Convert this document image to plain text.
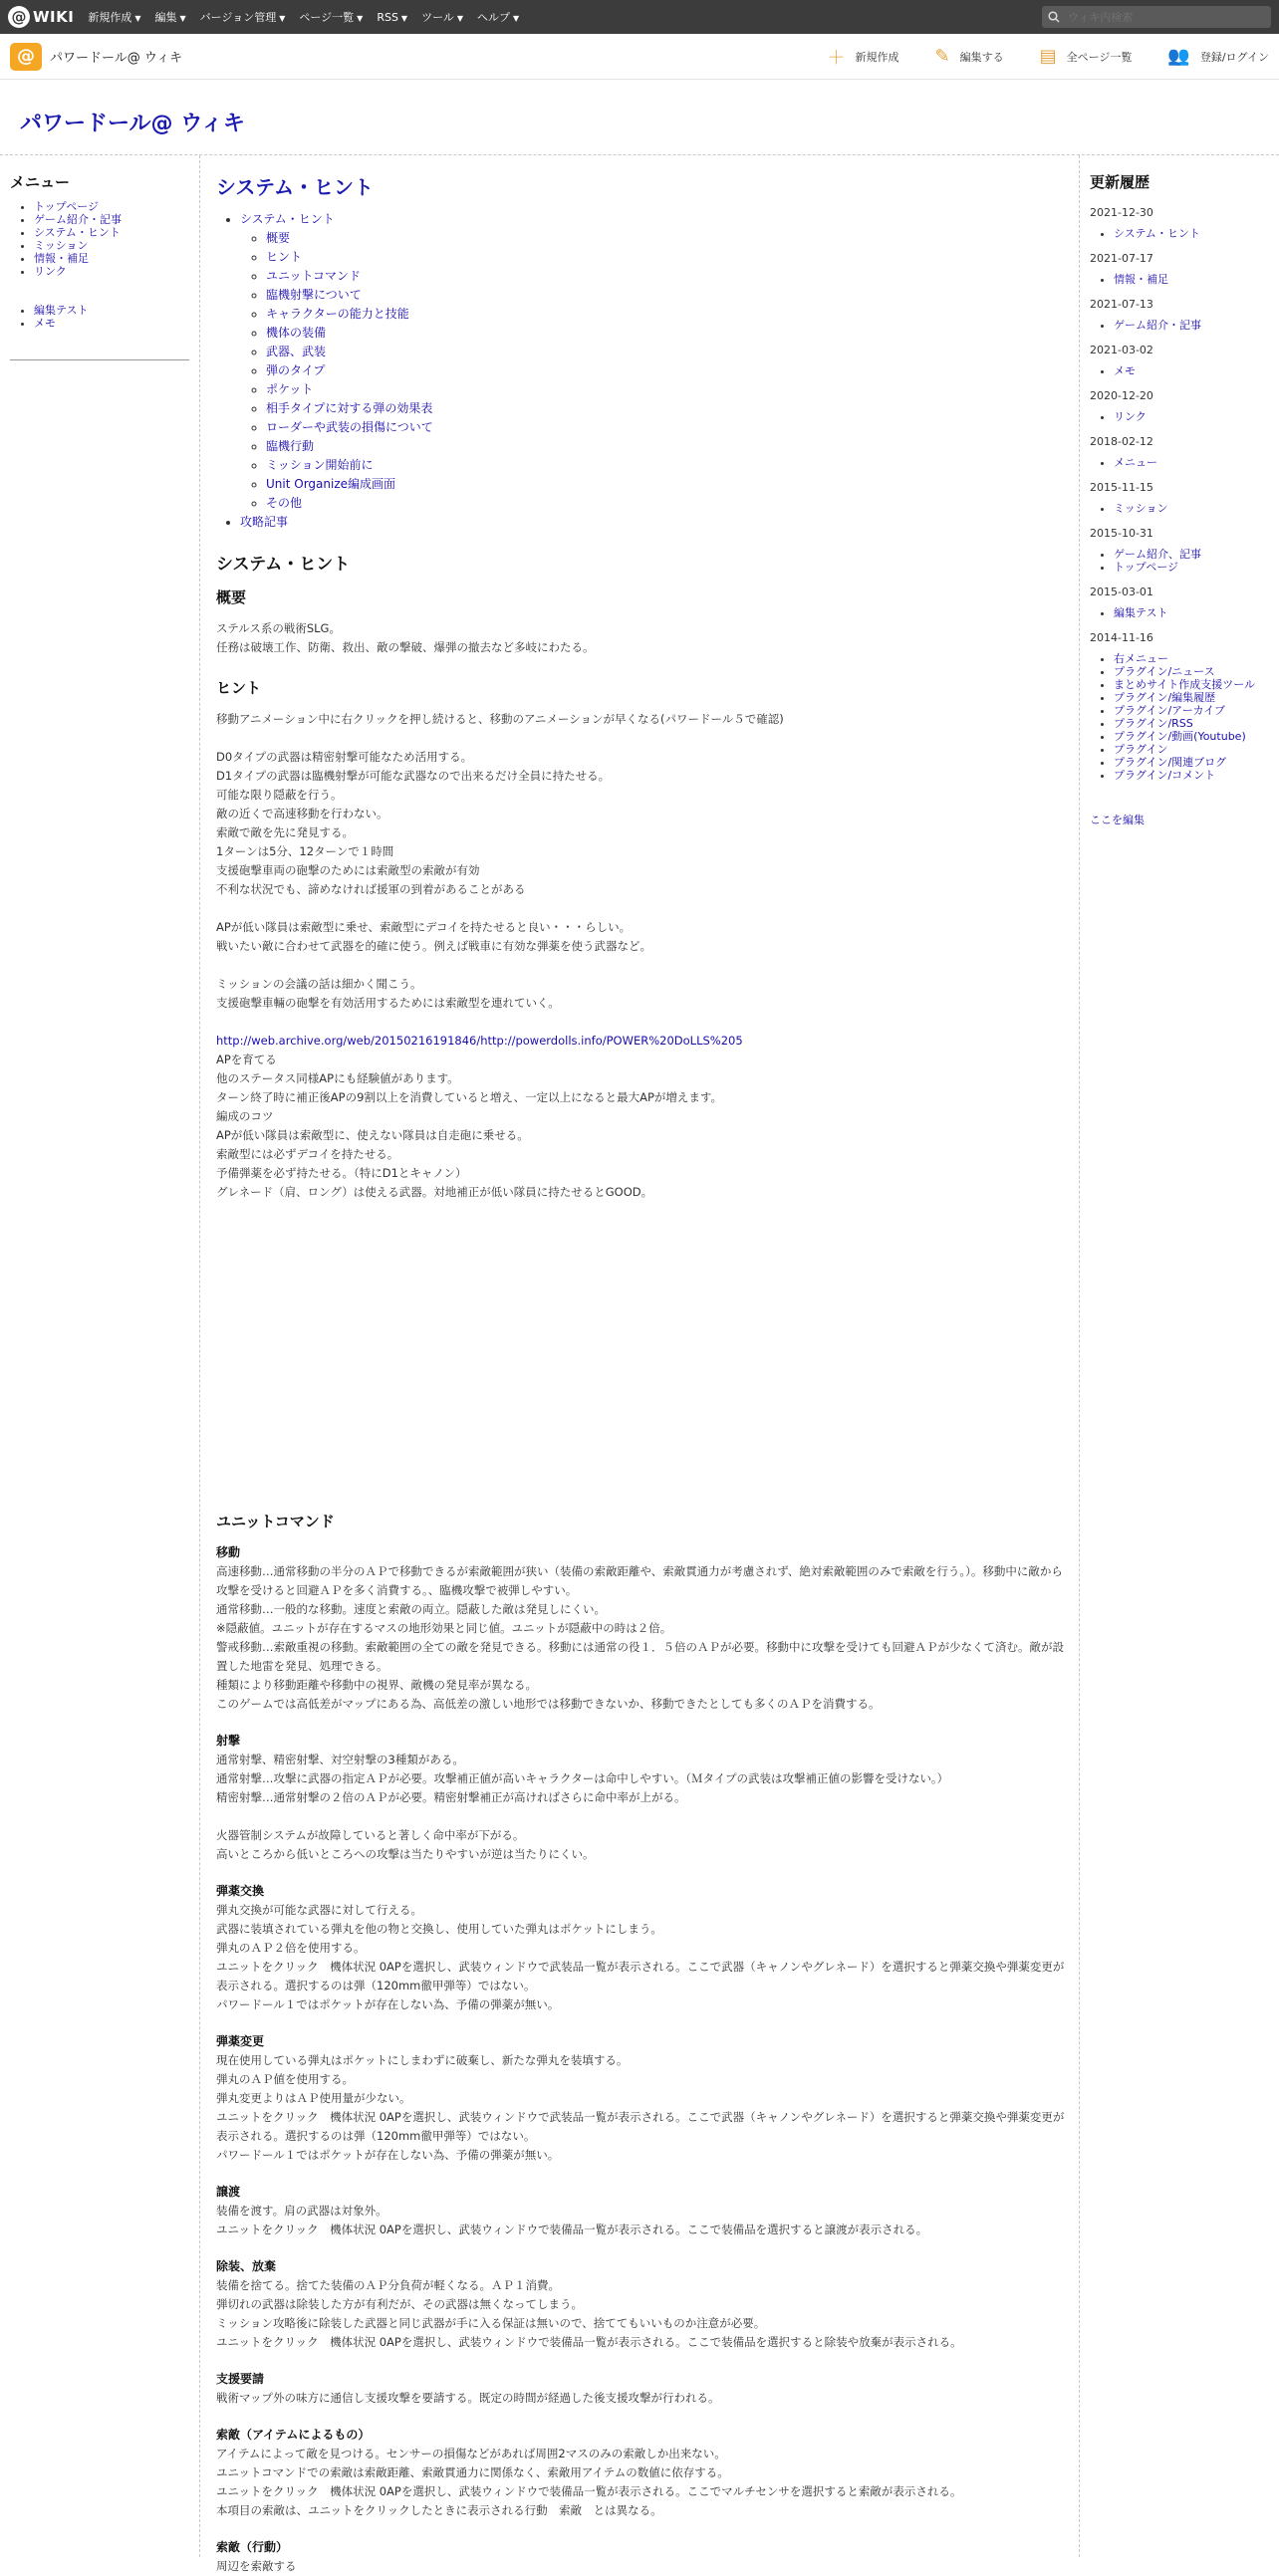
@ WIKI 新規作成 ▼ 編集 ▼ バージョン管理 ▼ ページ一覧 ▼ RSS ▼ ツール ▼ ヘルプ ▼
ウィキ内検索
@	パワードール@ ウィキ	＋ 新規作成 ✎ 編集する ▤ 全ページ一覧 👥 登録/ログイン
パワードール@ ウィキ
メニュー
• トップページ
• ゲーム紹介・記事
• システム・ヒント
• ミッション
• 情報・補足
• リンク
• 編集テスト
• メモ
システム・ヒント
• システム・ヒント
◦ 概要
◦ ヒント
◦ ユニットコマンド
◦ 臨機射撃について
◦ キャラクターの能力と技能
◦ 機体の装備
◦ 武器、武装
◦ 弾のタイプ
◦ ポケット
◦ 相手タイプに対する弾の効果表
◦ ローダーや武装の損傷について
◦ 臨機行動
◦ ミッション開始前に
◦ Unit Organize編成画面
◦ その他
• 攻略記事
システム・ヒント
概要

ステルス系の戦術SLG。
任務は破壊工作、防衛、救出、敵の撃破、爆弾の撤去など多岐にわたる。

ヒント

移動アニメーション中に右クリックを押し続けると、移動のアニメーションが早くなる(パワードール５で確認)

D0タイプの武器は精密射撃可能なため活用する。
D1タイプの武器は臨機射撃が可能な武器なので出来るだけ全員に持たせる。
可能な限り隠蔽を行う。
敵の近くで高速移動を行わない。
索敵で敵を先に発見する。
1ターンは5分、12ターンで１時間
支援砲撃車両の砲撃のためには索敵型の索敵が有効
不利な状況でも、諦めなければ援軍の到着があることがある

APが低い隊員は索敵型に乗せ、索敵型にデコイを持たせると良い・・・らしい。
戦いたい敵に合わせて武器を的確に使う。例えば戦車に有効な弾薬を使う武器など。

ミッションの会議の話は細かく聞こう。
支援砲撃車輛の砲撃を有効活用するためには索敵型を連れていく。

http://web.archive.org/web/20150216191846/http://powerdolls.info/POWER%20DoLLS%205

APを育てる
他のステータス同様APにも経験値があります。
ターン終了時に補正後APの9割以上を消費していると増え、一定以上になると最大APが増えます。
編成のコツ
APが低い隊員は索敵型に、使えない隊員は自走砲に乗せる。
索敵型には必ずデコイを持たせる。
予備弾薬を必ず持たせる。（特にD1とキャノン）
グレネード（肩、ロング）は使える武器。対地補正が低い隊員に持たせるとGOOD。

ユニットコマンド
移動

高速移動…通常移動の半分のＡＰで移動できるが索敵範囲が狭い（装備の索敵距離や、索敵貫通力が考慮されず、絶対索敵範囲のみで索敵を行う。）。移動中に敵から攻撃を受けると回避ＡＰを多く消費する。、臨機攻撃で被弾しやすい。
通常移動…一般的な移動。速度と索敵の両立。隠蔽した敵は発見しにくい。
※隠蔽値。ユニットが存在するマスの地形効果と同じ値。ユニットが隠蔽中の時は２倍。
警戒移動…索敵重視の移動。索敵範囲の全ての敵を発見できる。移動には通常の役１．５倍のＡＰが必要。移動中に攻撃を受けても回避ＡＰが少なくて済む。敵が設置した地雷を発見、処理できる。
種類により移動距離や移動中の視界、敵機の発見率が異なる。
このゲームでは高低差がマップにある為、高低差の激しい地形では移動できないか、移動できたとしても多くのＡＰを消費する。

射撃

通常射撃、精密射撃、対空射撃の3種類がある。
通常射撃…攻撃に武器の指定ＡＰが必要。攻撃補正値が高いキャラクターは命中しやすい。（Ｍタイプの武装は攻撃補正値の影響を受けない。）
精密射撃…通常射撃の２倍のＡＰが必要。精密射撃補正が高ければさらに命中率が上がる。

火器管制システムが故障していると著しく命中率が下がる。
高いところから低いところへの攻撃は当たりやすいが逆は当たりにくい。

弾薬交換

弾丸交換が可能な武器に対して行える。
武器に装填されている弾丸を他の物と交換し、使用していた弾丸はポケットにしまう。
弾丸のＡＰ２倍を使用する。
ユニットをクリック　機体状況 0APを選択し、武装ウィンドウで武装品一覧が表示される。ここで武器（キャノンやグレネード）を選択すると弾薬交換や弾薬変更が表示される。選択するのは弾（120mm徹甲弾等）ではない。
パワードール１ではポケットが存在しない為、予備の弾薬が無い。

弾薬変更

現在使用している弾丸はポケットにしまわずに破棄し、新たな弾丸を装填する。
弾丸のＡＰ値を使用する。
弾丸変更よりはＡＰ使用量が少ない。
ユニットをクリック　機体状況 0APを選択し、武装ウィンドウで武装品一覧が表示される。ここで武器（キャノンやグレネード）を選択すると弾薬交換や弾薬変更が表示される。選択するのは弾（120mm徹甲弾等）ではない。
パワードール１ではポケットが存在しない為、予備の弾薬が無い。

譲渡

装備を渡す。肩の武器は対象外。
ユニットをクリック　機体状況 0APを選択し、武装ウィンドウで装備品一覧が表示される。ここで装備品を選択すると譲渡が表示される。

除装、放棄

装備を捨てる。捨てた装備のＡＰ分負荷が軽くなる。ＡＰ１消費。
弾切れの武器は除装した方が有利だが、その武器は無くなってしまう。
ミッション攻略後に除装した武器と同じ武器が手に入る保証は無いので、捨ててもいいものか注意が必要。
ユニットをクリック　機体状況 0APを選択し、武装ウィンドウで装備品一覧が表示される。ここで装備品を選択すると除装や放棄が表示される。

支援要請

戦術マップ外の味方に通信し支援攻撃を要請する。既定の時間が経過した後支援攻撃が行われる。

索敵（アイテムによるもの）

アイテムによって敵を見つける。センサーの損傷などがあれば周囲2マスのみの索敵しか出来ない。
ユニットコマンドでの索敵は索敵距離、索敵貫通力に関係なく、索敵用アイテムの数値に依存する。
ユニットをクリック　機体状況 0APを選択し、武装ウィンドウで装備品一覧が表示される。ここでマルチセンサを選択すると索敵が表示される。
本項目の索敵は、ユニットをクリックしたときに表示される行動　索敵　とは異なる。

索敵（行動）

周辺を索敵する

更新履歴
2021-12-30
• システム・ヒント
2021-07-17
• 情報・補足
2021-07-13
• ゲーム紹介・記事
2021-03-02
• メモ
2020-12-20
• リンク
2018-02-12
• メニュー
2015-11-15
• ミッション
2015-10-31
• ゲーム紹介、記事
• トップページ
2015-03-01
• 編集テスト
2014-11-16
• 右メニュー
• プラグイン/ニュース
• まとめサイト作成支援ツール
• プラグイン/編集履歴
• プラグイン/アーカイブ
• プラグイン/RSS
• プラグイン/動画(Youtube)
• プラグイン
• プラグイン/関連ブログ
• プラグイン/コメント
ここを編集
